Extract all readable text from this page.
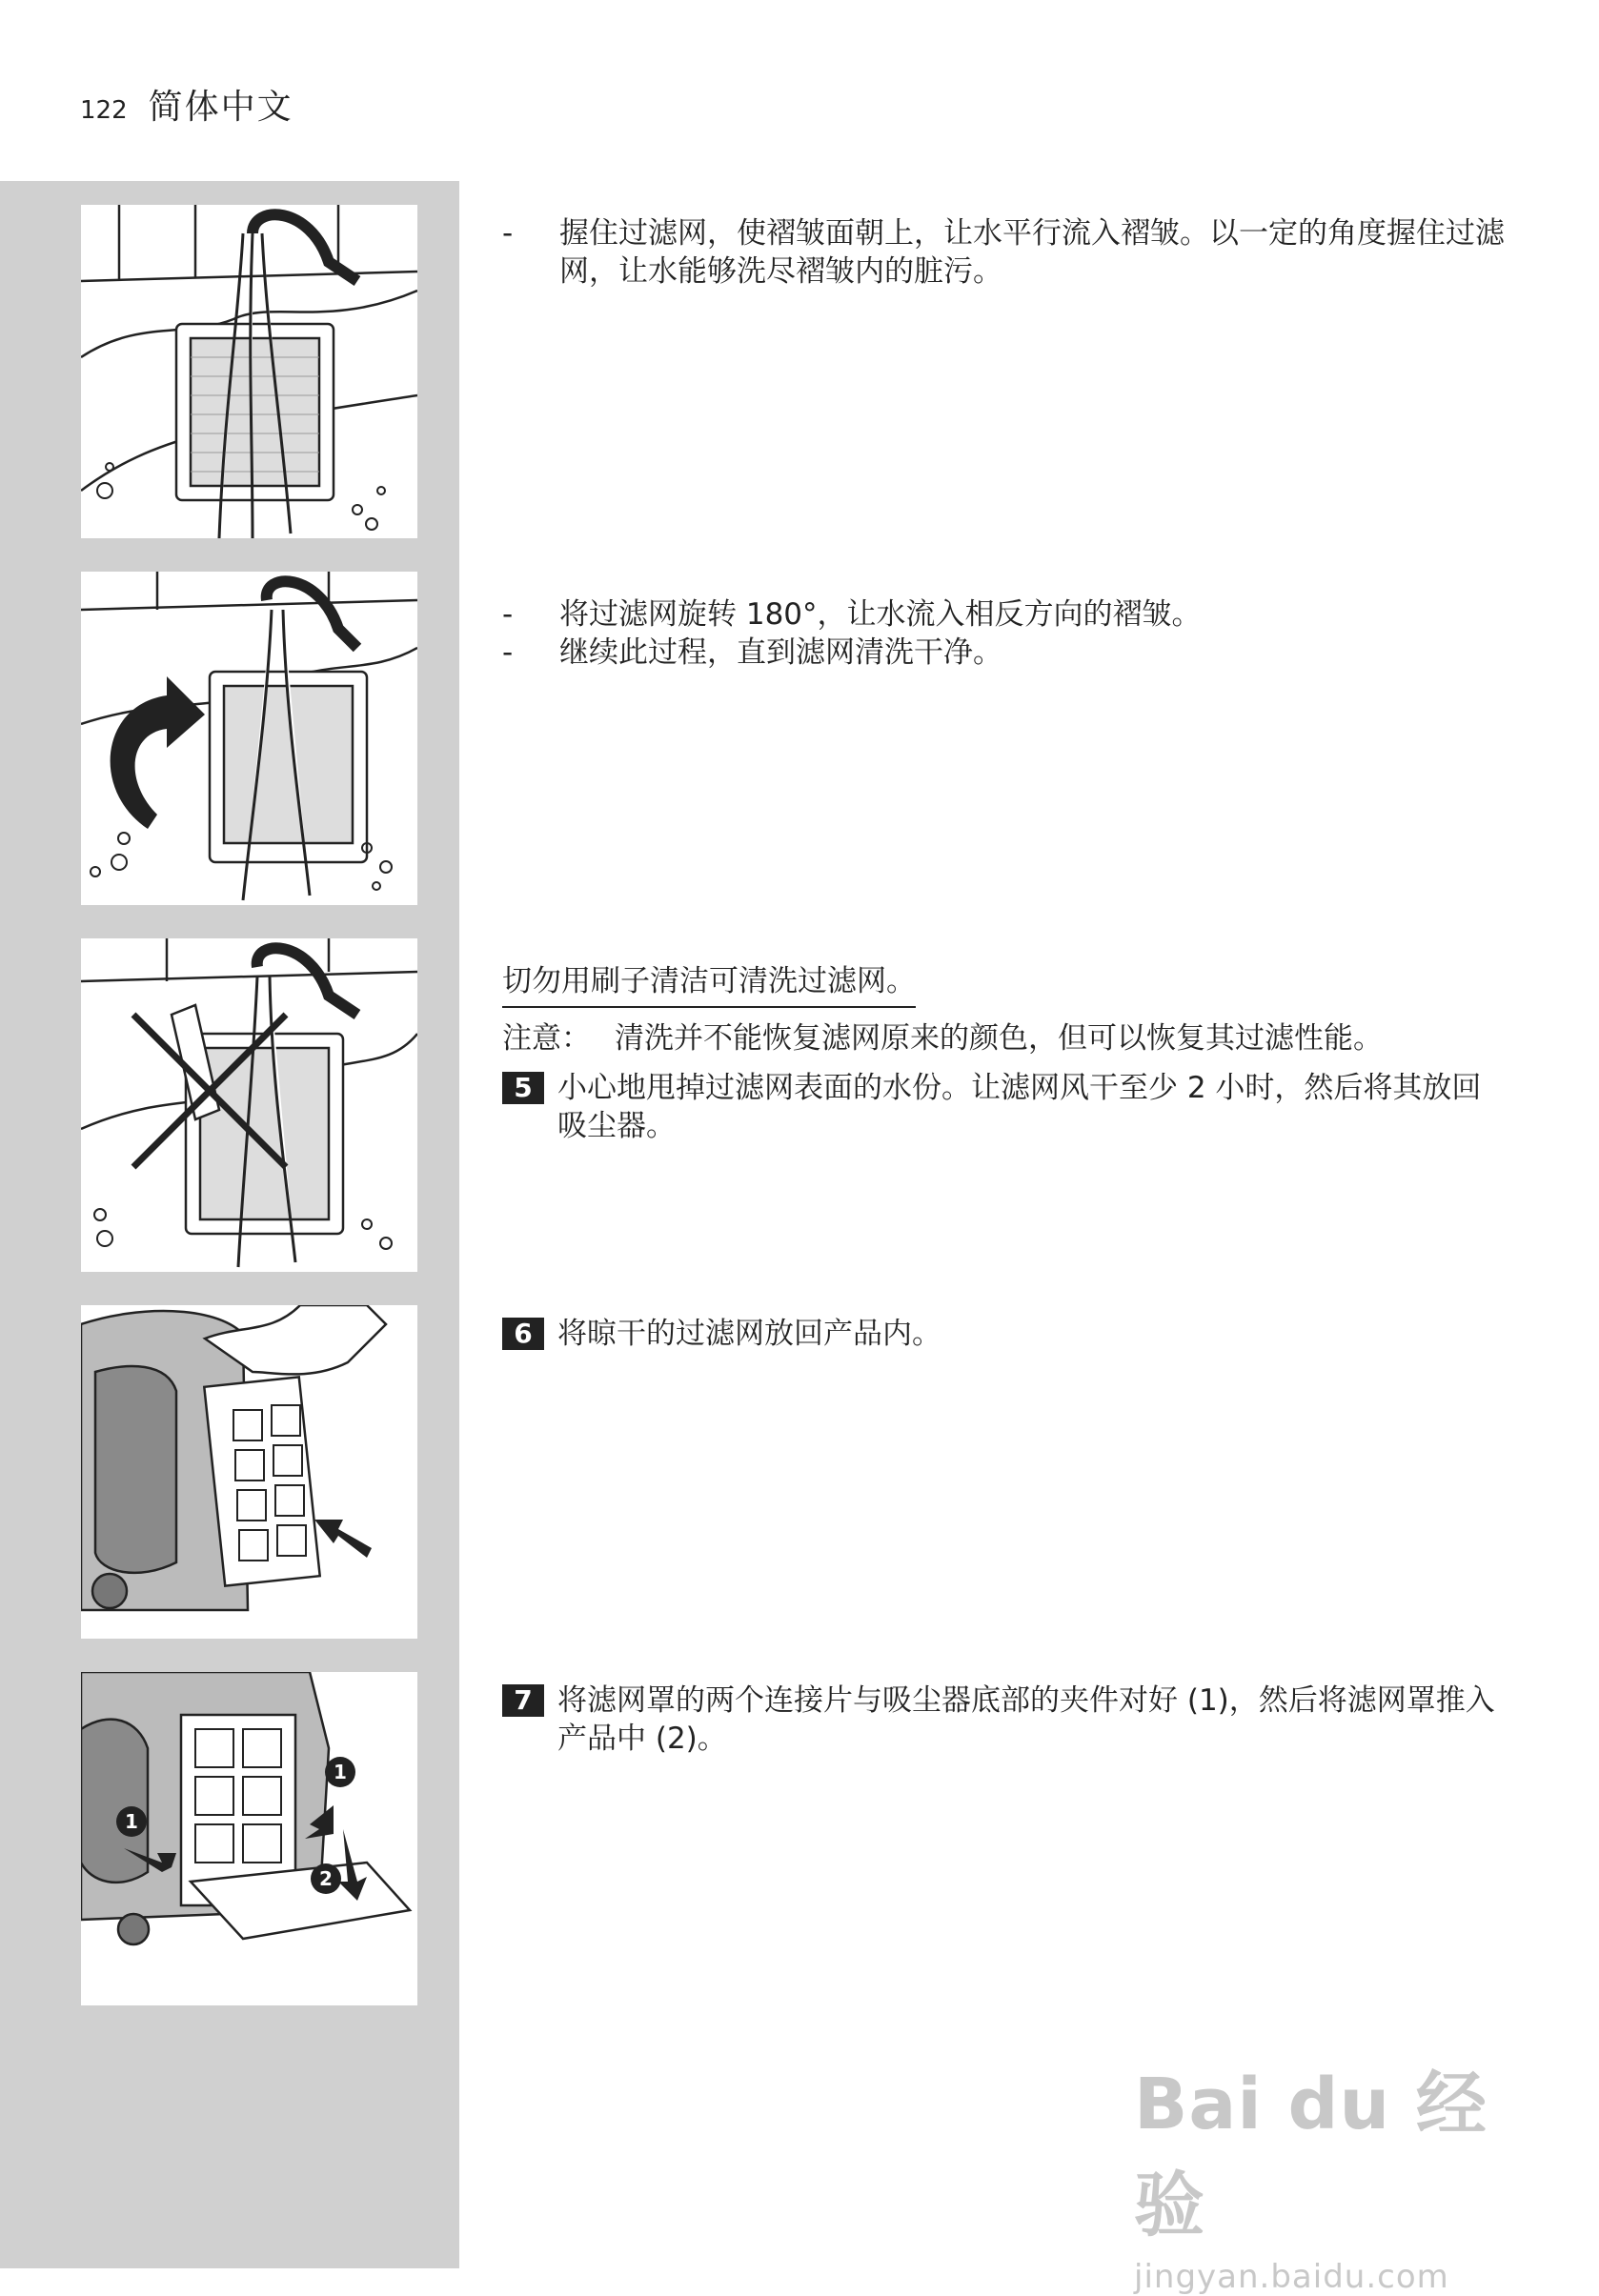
122 简体中文
1
1
2
-	握住过滤网，使褶皱面朝上，让水平行流入褶皱。以一定的角度握住过滤网，让水能够洗尽褶皱内的脏污。
-	将过滤网旋转 180°，让水流入相反方向的褶皱。
-	继续此过程，直到滤网清洗干净。
切勿用刷子清洁可清洗过滤网。
注意： 清洗并不能恢复滤网原来的颜色，但可以恢复其过滤性能。
5 小心地甩掉过滤网表面的水份。让滤网风干至少 2 小时，然后将其放回吸尘器。
6 将晾干的过滤网放回产品内。
7 将滤网罩的两个连接片与吸尘器底部的夹件对好 (1)，然后将滤网罩推入产品中 (2)。
Bai du 经验
jingyan.baidu.com
